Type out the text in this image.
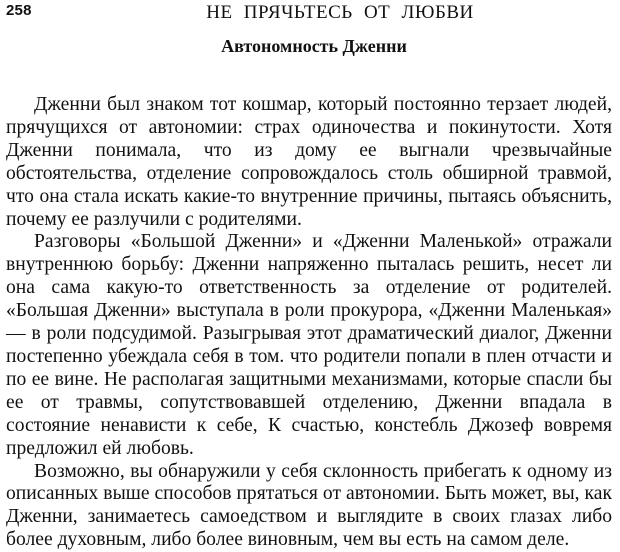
258	НЕ ПРЯЧЬТЕСЬ ОТ ЛЮБВИ
Автономность Дженни

Дженни был знаком тот кошмар, который постоянно терзает людей, прячущихся от автономии: страх одиночества и покинутости. Хотя Дженни понимала, что из дому ее выгнали чрезвычайные обстоятельства, отделение сопровождалось столь обширной травмой, что она стала искать какие-то внутренние причины, пытаясь объяснить, почему ее разлучили с родителями.

Разговоры «Большой Дженни» и «Дженни Маленькой» отражали внутреннюю борьбу: Дженни напряженно пыталась решить, несет ли она сама какую-то ответственность за отделение от родителей. «Большая Дженни» выступала в роли прокурора, «Дженни Маленькая» — в роли подсудимой. Разыгрывая этот драматический диалог, Дженни постепенно убеждала себя в том. что родители попали в плен отчасти и по ее вине. Не располагая защитными механизмами, которые спасли бы ее от травмы, сопутствовавшей отделению, Дженни впадала в состояние ненависти к себе, К счастью, констебль Джозеф вовремя предложил ей любовь.

Возможно, вы обнаружили у себя склонность прибегать к одному из описанных выше способов прятаться от автономии. Быть может, вы, как Дженни, занимаетесь самоедством и выглядите в своих глазах либо более духовным, либо более виновным, чем вы есть на самом деле.
